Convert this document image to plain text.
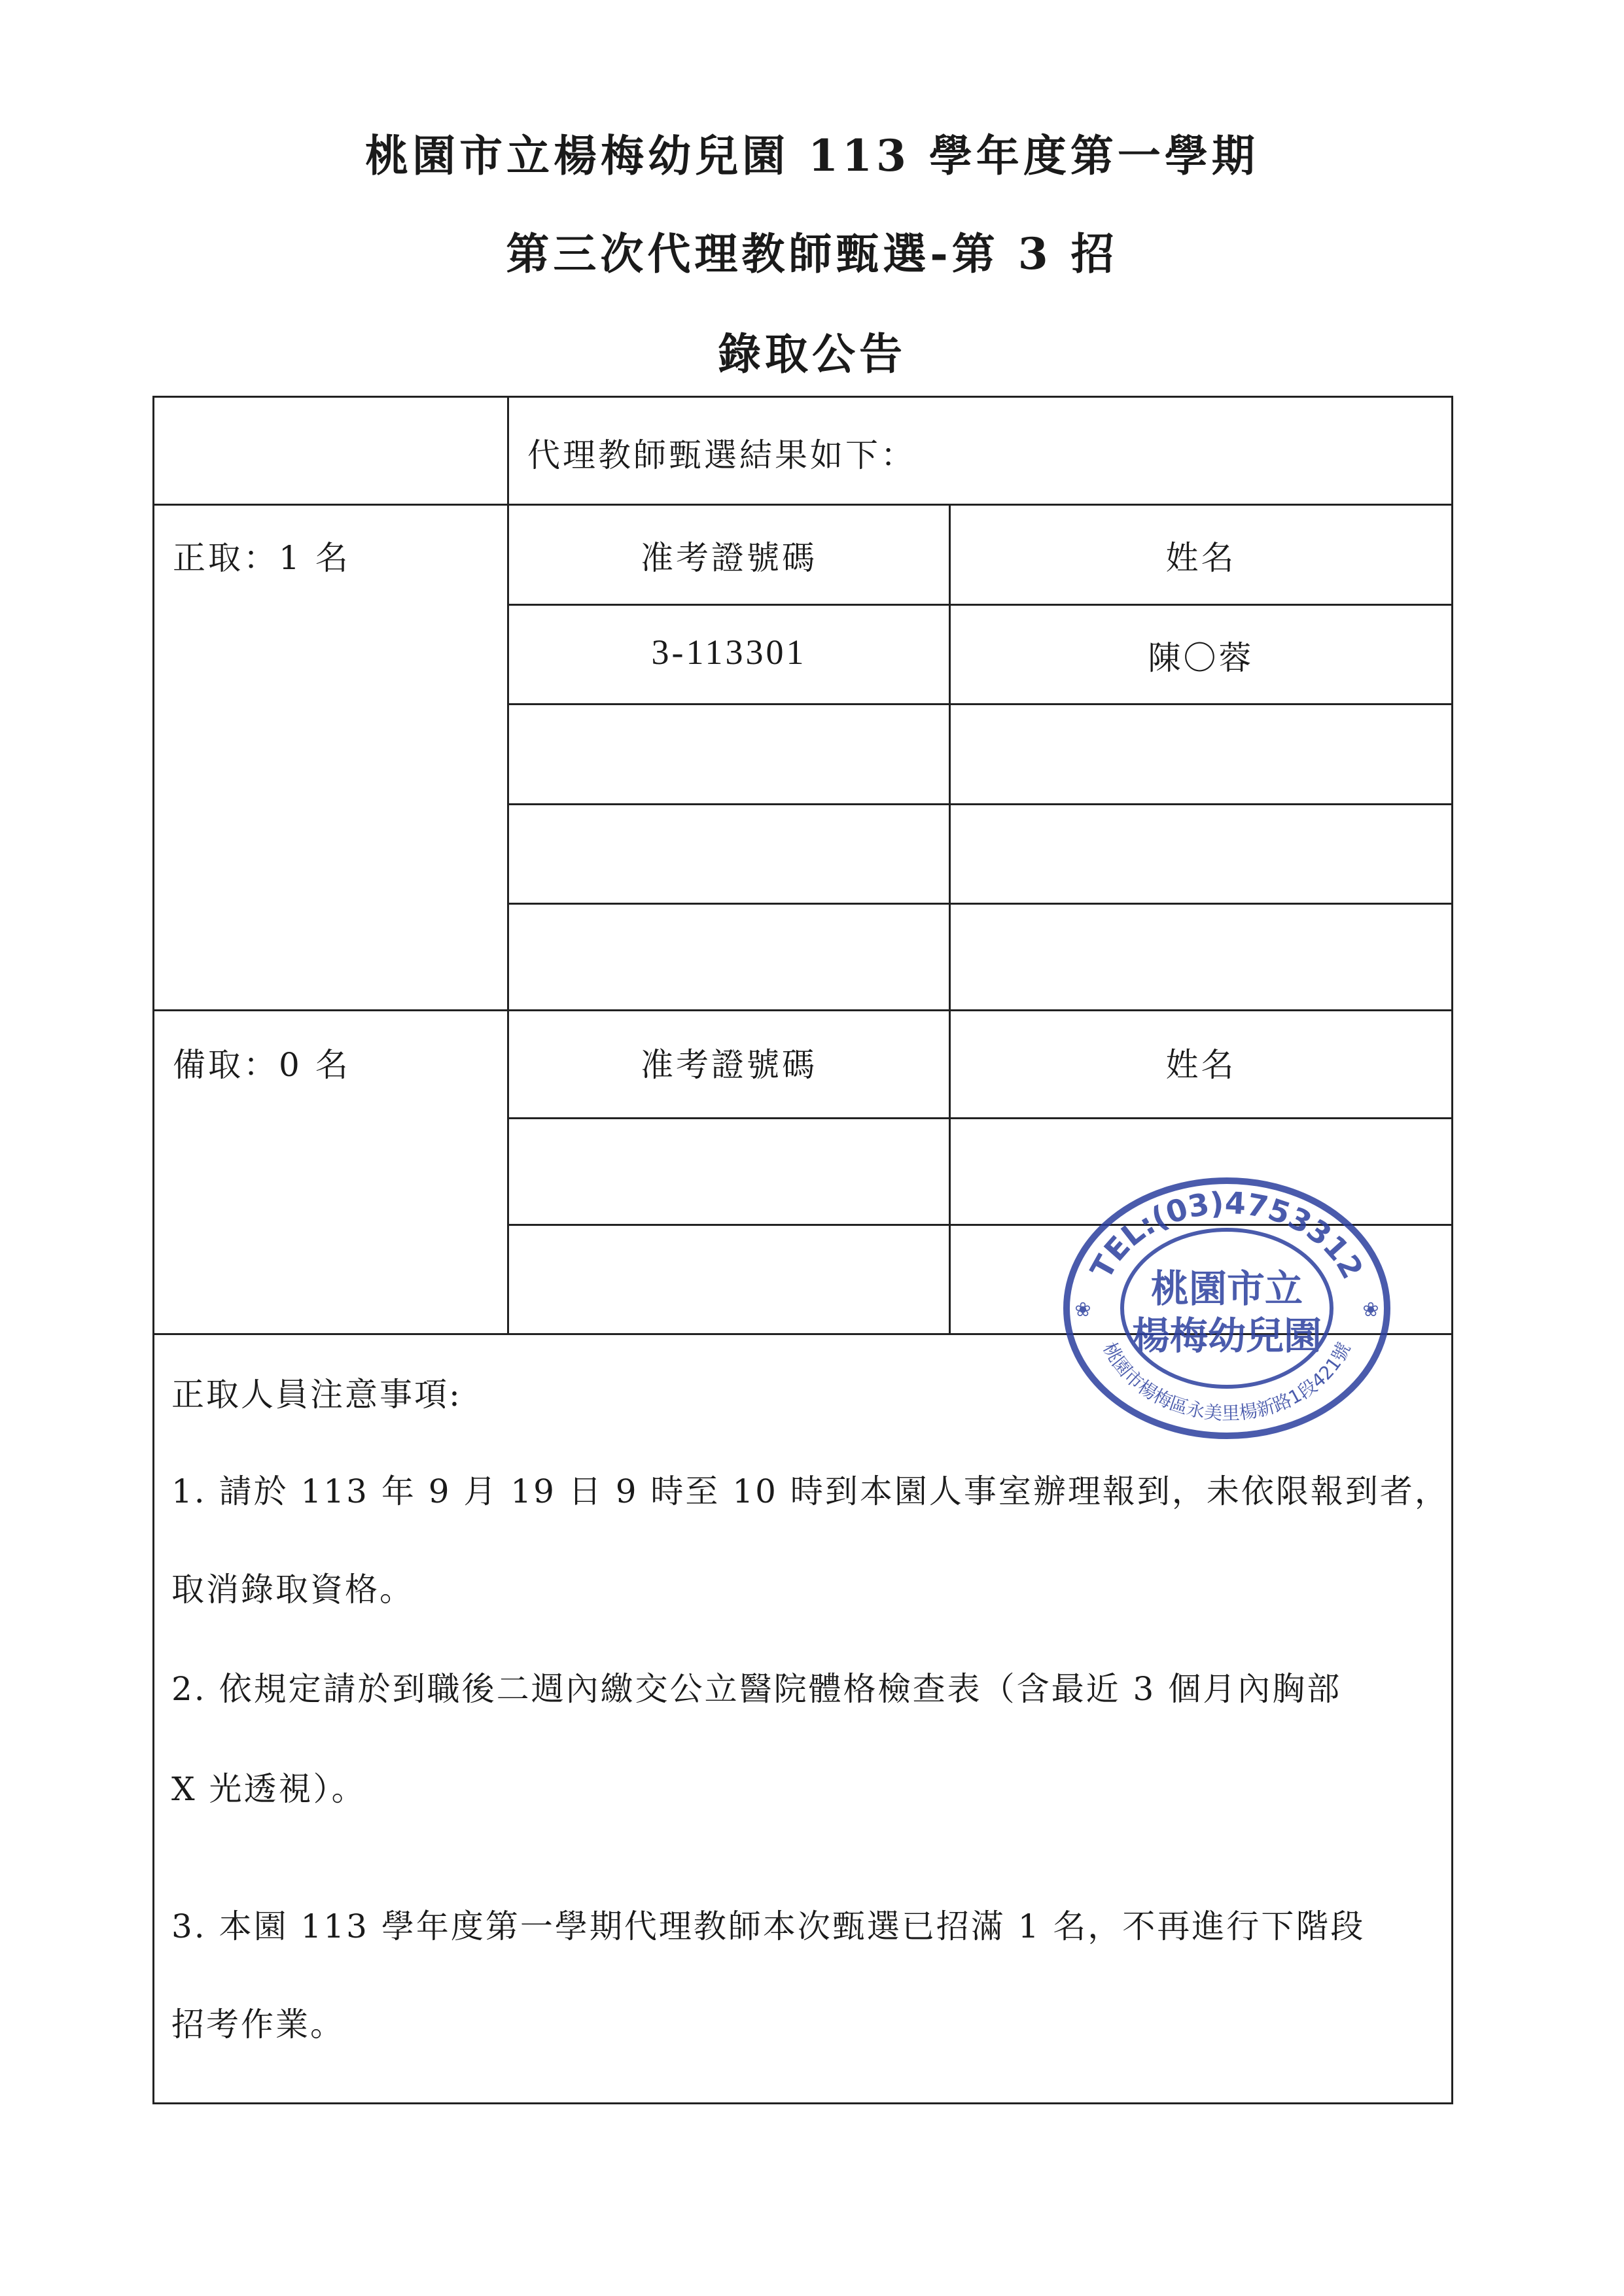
桃園市立楊梅幼兒園 113 學年度第一學期
第三次代理教師甄選-第 3 招
錄取公告
代理教師甄選結果如下：
正取：1 名	准考證號碼	姓名
3-113301	陳〇蓉
備取：0 名	准考證號碼	姓名
正取人員注意事項:
1. 請於 113 年 9 月 19 日 9 時至 10 時到本園人事室辦理報到，未依限報到者，
取消錄取資格。
2. 依規定請於到職後二週內繳交公立醫院體格檢查表（含最近 3 個月內胸部
X 光透視）。
3. 本園 113 學年度第一學期代理教師本次甄選已招滿 1 名，不再進行下階段
招考作業。
TEL:(03)4753312
桃園市楊梅區永美里楊新路1段421號
桃園市立
楊梅幼兒園
❀	❀
